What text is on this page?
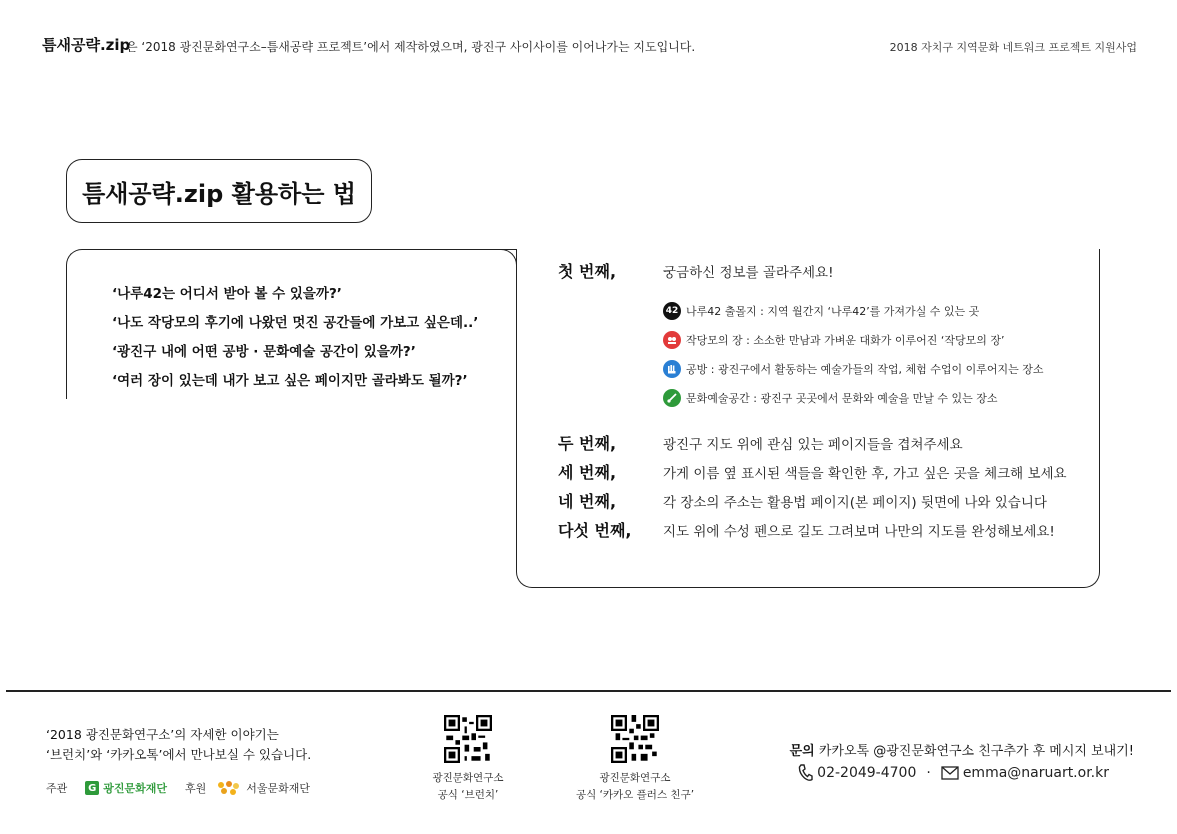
틈새공략.zip
은 ‘2018 광진문화연구소–틈새공략 프로젝트’에서 제작하였으며, 광진구 사이사이를 이어나가는 지도입니다.	2018 자치구 지역문화 네트워크 프로젝트 지원사업
틈새공략.zip 활용하는 법
‘나루42는 어디서 받아 볼 수 있을까?’
‘나도 작당모의 후기에 나왔던 멋진 공간들에 가보고 싶은데..’
‘광진구 내에 어떤 공방 · 문화예술 공간이 있을까?’
‘여러 장이 있는데 내가 보고 싶은 페이지만 골라봐도 될까?’
첫 번째,	궁금하신 정보를 골라주세요!
42 나루42 출몰지 : 지역 월간지 ‘나루42’를 가져가실 수 있는 곳
작당모의 장 : 소소한 만남과 가벼운 대화가 이루어진 ‘작당모의 장’
공방 : 광진구에서 활동하는 예술가들의 작업, 체험 수업이 이루어지는 장소
문화예술공간 : 광진구 곳곳에서 문화와 예술을 만날 수 있는 장소
두 번째,	광진구 지도 위에 관심 있는 페이지들을 겹쳐주세요
세 번째,	가게 이름 옆 표시된 색들을 확인한 후, 가고 싶은 곳을 체크해 보세요
네 번째,	각 장소의 주소는 활용법 페이지(본 페이지) 뒷면에 나와 있습니다
다섯 번째, 지도 위에 수성 펜으로 길도 그려보며 나만의 지도를 완성해보세요!
‘2018 광진문화연구소’의 자세한 이야기는
‘브런치’와 ‘카카오톡’에서 만나보실 수 있습니다.
주관 G 광진문화재단 후원	서울문화재단
광진문화연구소
공식 ‘브런치’
광진문화연구소
공식 ‘카카오 플러스 친구’
문의 카카오톡 @광진문화연구소 친구추가 후 메시지 보내기!
02-2049-4700 · emma@naruart.or.kr
